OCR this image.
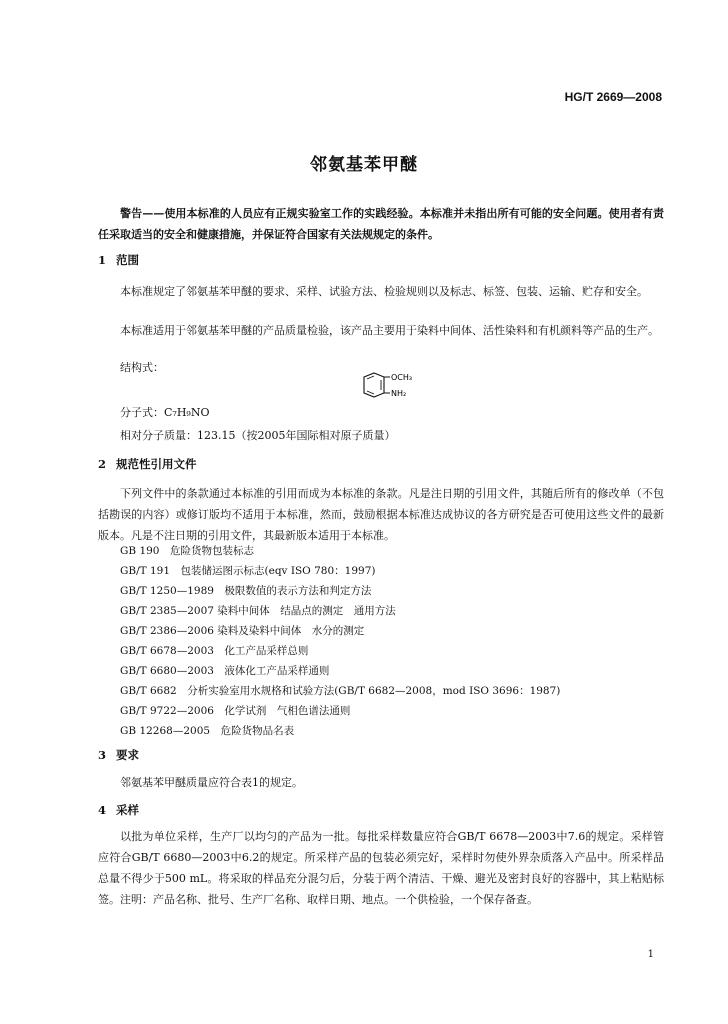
HG/T 2669—2008
邻氨基苯甲醚

警告——使用本标准的人员应有正规实验室工作的实践经验。本标准并未指出所有可能的安全问题。使用者有责任采取适当的安全和健康措施，并保证符合国家有关法规规定的条件。

1 范围

本标准规定了邻氨基苯甲醚的要求、采样、试验方法、检验规则以及标志、标签、包装、运输、贮存和安全。

本标准适用于邻氨基苯甲醚的产品质量检验，该产品主要用于染料中间体、活性染料和有机颜料等产品的生产。

结构式：
OCH₃
NH₂
分子式：C₇H₉NO
相对分子质量：123.15（按2005年国际相对原子质量）
2 规范性引用文件

下列文件中的条款通过本标准的引用而成为本标准的条款。凡是注日期的引用文件，其随后所有的修改单（不包括勘误的内容）或修订版均不适用于本标准，然而，鼓励根据本标准达成协议的各方研究是否可使用这些文件的最新版本。凡是不注日期的引用文件，其最新版本适用于本标准。

GB 190　危险货物包装标志
GB/T 191　包装储运图示标志(eqv ISO 780：1997)
GB/T 1250—1989　极限数值的表示方法和判定方法
GB/T 2385—2007 染料中间体　结晶点的测定　通用方法
GB/T 2386—2006 染料及染料中间体　水分的测定
GB/T 6678—2003　化工产品采样总则
GB/T 6680—2003　液体化工产品采样通则
GB/T 6682　分析实验室用水规格和试验方法(GB/T 6682—2008，mod ISO 3696：1987)
GB/T 9722—2006　化学试剂　气相色谱法通则
GB 12268—2005　危险货物品名表
3 要求
邻氨基苯甲醚质量应符合表1的规定。
4 采样

以批为单位采样，生产厂以均匀的产品为一批。每批采样数量应符合GB/T 6678—2003中7.6的规定。采样管应符合GB/T 6680—2003中6.2的规定。所采样产品的包装必须完好，采样时勿使外界杂质落入产品中。所采样品总量不得少于500 mL。将采取的样品充分混匀后，分装于两个清洁、干燥、避光及密封良好的容器中，其上粘贴标签。注明：产品名称、批号、生产厂名称、取样日期、地点。一个供检验，一个保存备查。

1
